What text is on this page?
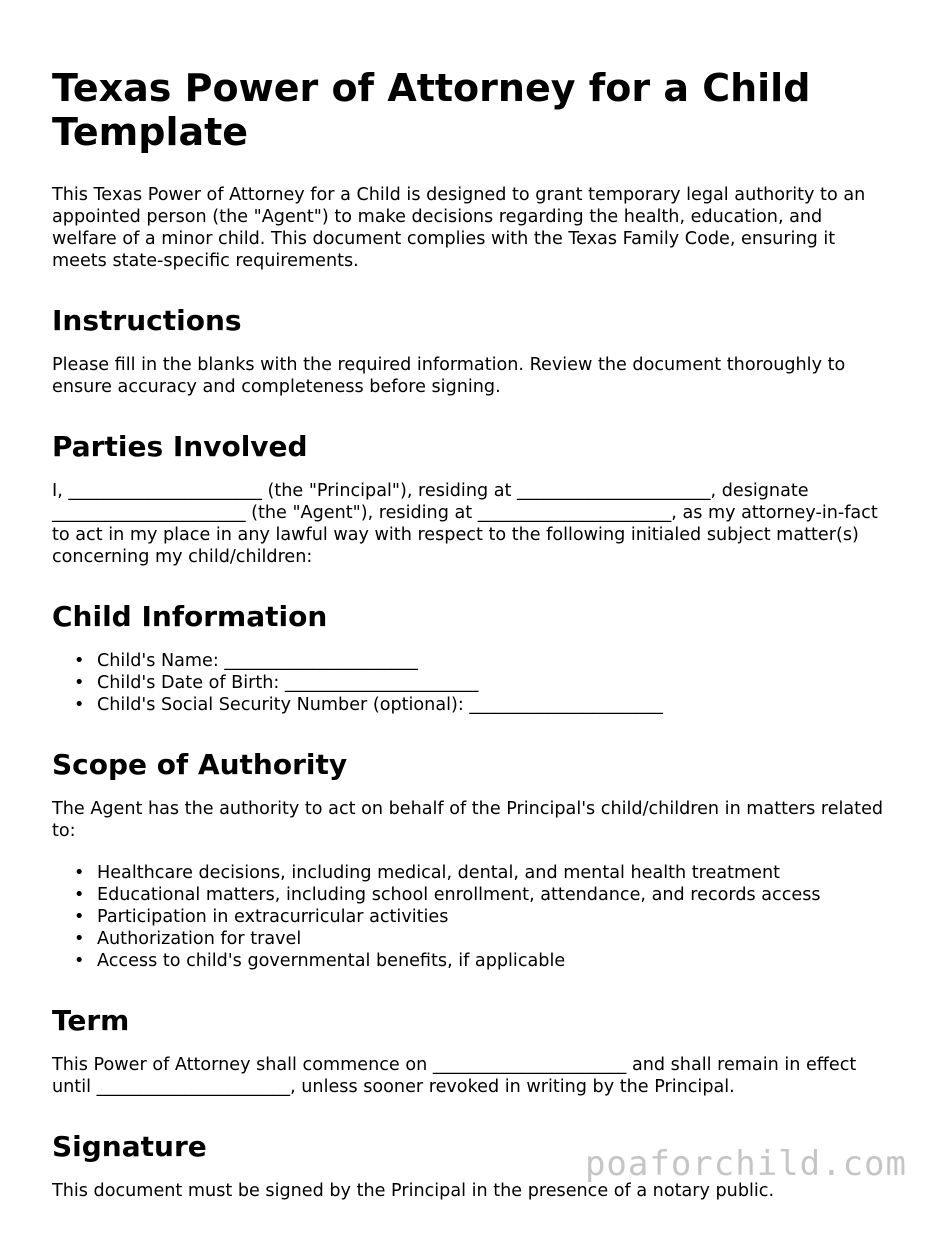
Texas Power of Attorney for a Child Template

This Texas Power of Attorney for a Child is designed to grant temporary legal authority to an appointed person (the "Agent") to make decisions regarding the health, education, and welfare of a minor child. This document complies with the Texas Family Code, ensuring it meets state-specific requirements.

Instructions

Please fill in the blanks with the required information. Review the document thoroughly to ensure accuracy and completeness before signing.

Parties Involved

I, ______________________ (the "Principal"), residing at ______________________, designate ______________________ (the "Agent"), residing at ______________________, as my attorney-in-fact to act in my place in any lawful way with respect to the following initialed subject matter(s) concerning my child/children:

Child Information
• Child's Name: ______________________
• Child's Date of Birth: ______________________
• Child's Social Security Number (optional): ______________________
Scope of Authority

The Agent has the authority to act on behalf of the Principal's child/children in matters related to:

• Healthcare decisions, including medical, dental, and mental health treatment
• Educational matters, including school enrollment, attendance, and records access
• Participation in extracurricular activities
• Authorization for travel
• Access to child's governmental benefits, if applicable
Term

This Power of Attorney shall commence on ______________________ and shall remain in effect until ______________________, unless sooner revoked in writing by the Principal.

Signature

This document must be signed by the Principal in the presence of a notary public.

poaforchild.com
